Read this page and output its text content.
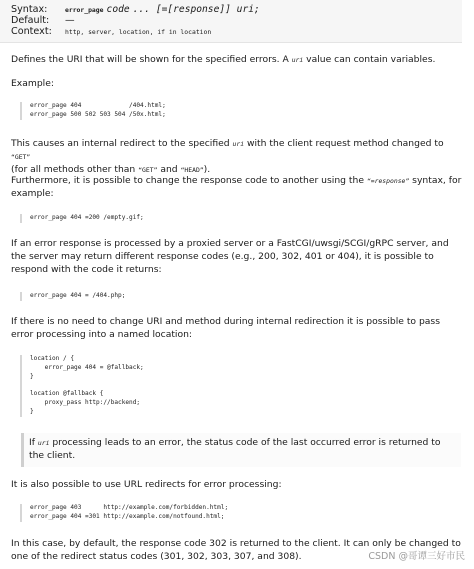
Syntax:	error_page code ... [=[response]] uri;
Default: —
Context: http, server, location, if in location
Defines the URI that will be shown for the specified errors. A uri value can contain variables.
Example:
error_page 404             /404.html;
error_page 500 502 503 504 /50x.html;
This causes an internal redirect to the specified uri with the client request method changed to “GET”
(for all methods other than “GET” and “HEAD”).
Furthermore, it is possible to change the response code to another using the “=response” syntax, for example:
error_page 404 =200 /empty.gif;
If an error response is processed by a proxied server or a FastCGI/uwsgi/SCGI/gRPC server, and the server may return different response codes (e.g., 200, 302, 401 or 404), it is possible to respond with the code it returns:
error_page 404 = /404.php;
If there is no need to change URI and method during internal redirection it is possible to pass error processing into a named location:
location / {
error_page 404 = @fallback;
}

location @fallback {
proxy_pass http://backend;
}
If uri processing leads to an error, the status code of the last occurred error is returned to the client.
It is also possible to use URL redirects for error processing:
error_page 403      http://example.com/forbidden.html;
error_page 404 =301 http://example.com/notfound.html;
In this case, by default, the response code 302 is returned to the client. It can only be changed to one of the redirect status codes (301, 302, 303, 307, and 308).	CSDN @哥谭三好市民
